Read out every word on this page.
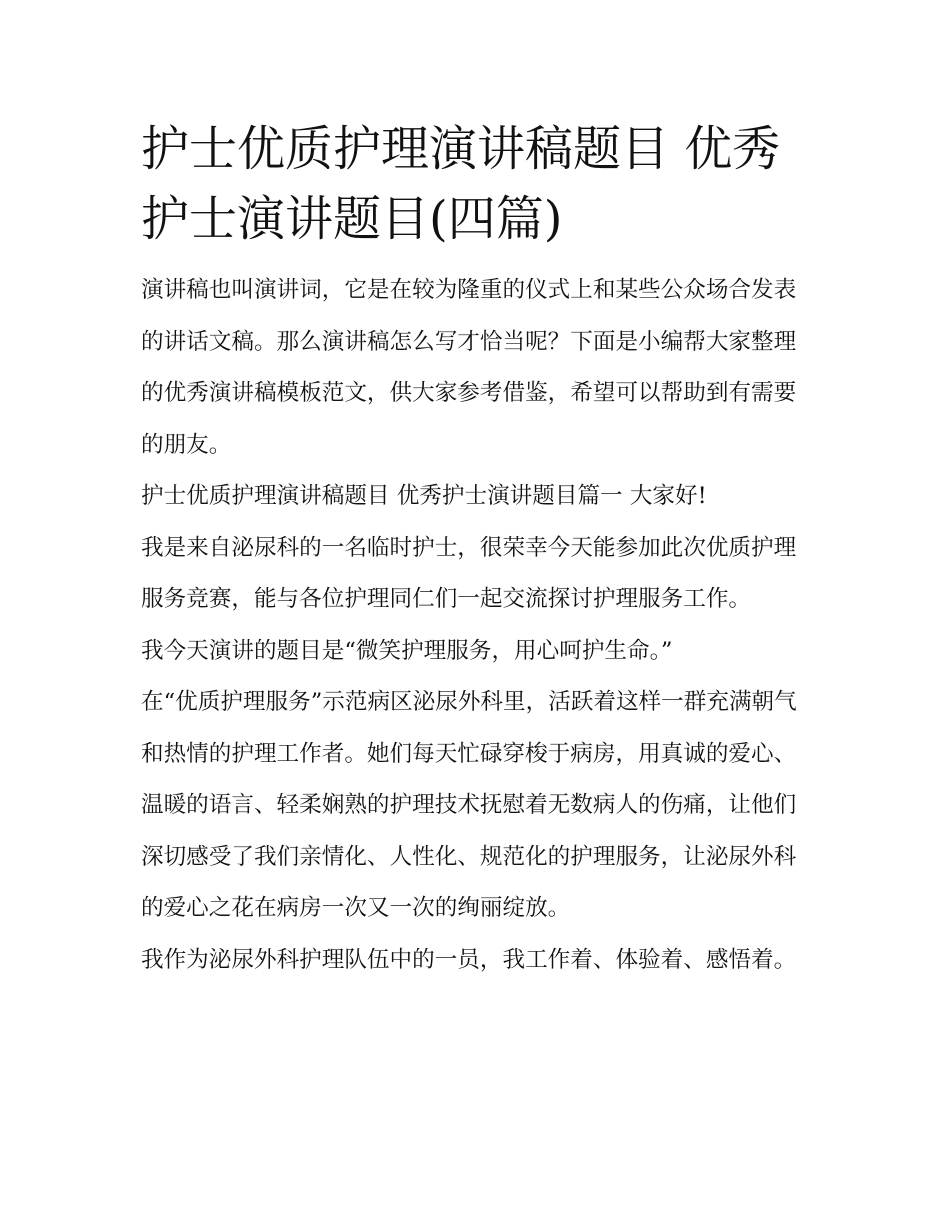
护士优质护理演讲稿题目 优秀护士演讲题目(四篇)

演讲稿也叫演讲词，它是在较为隆重的仪式上和某些公众场合发表的讲话文稿。那么演讲稿怎么写才恰当呢？下面是小编帮大家整理的优秀演讲稿模板范文，供大家参考借鉴，希望可以帮助到有需要的朋友。

护士优质护理演讲稿题目 优秀护士演讲题目篇一 大家好!

我是来自泌尿科的一名临时护士，很荣幸今天能参加此次优质护理服务竞赛，能与各位护理同仁们一起交流探讨护理服务工作。

我今天演讲的题目是“微笑护理服务，用心呵护生命。”

在“优质护理服务”示范病区泌尿外科里，活跃着这样一群充满朝气和热情的护理工作者。她们每天忙碌穿梭于病房，用真诚的爱心、温暖的语言、轻柔娴熟的护理技术抚慰着无数病人的伤痛，让他们深切感受了我们亲情化、人性化、规范化的护理服务，让泌尿外科的爱心之花在病房一次又一次的绚丽绽放。

我作为泌尿外科护理队伍中的一员，我工作着、体验着、感悟着。
